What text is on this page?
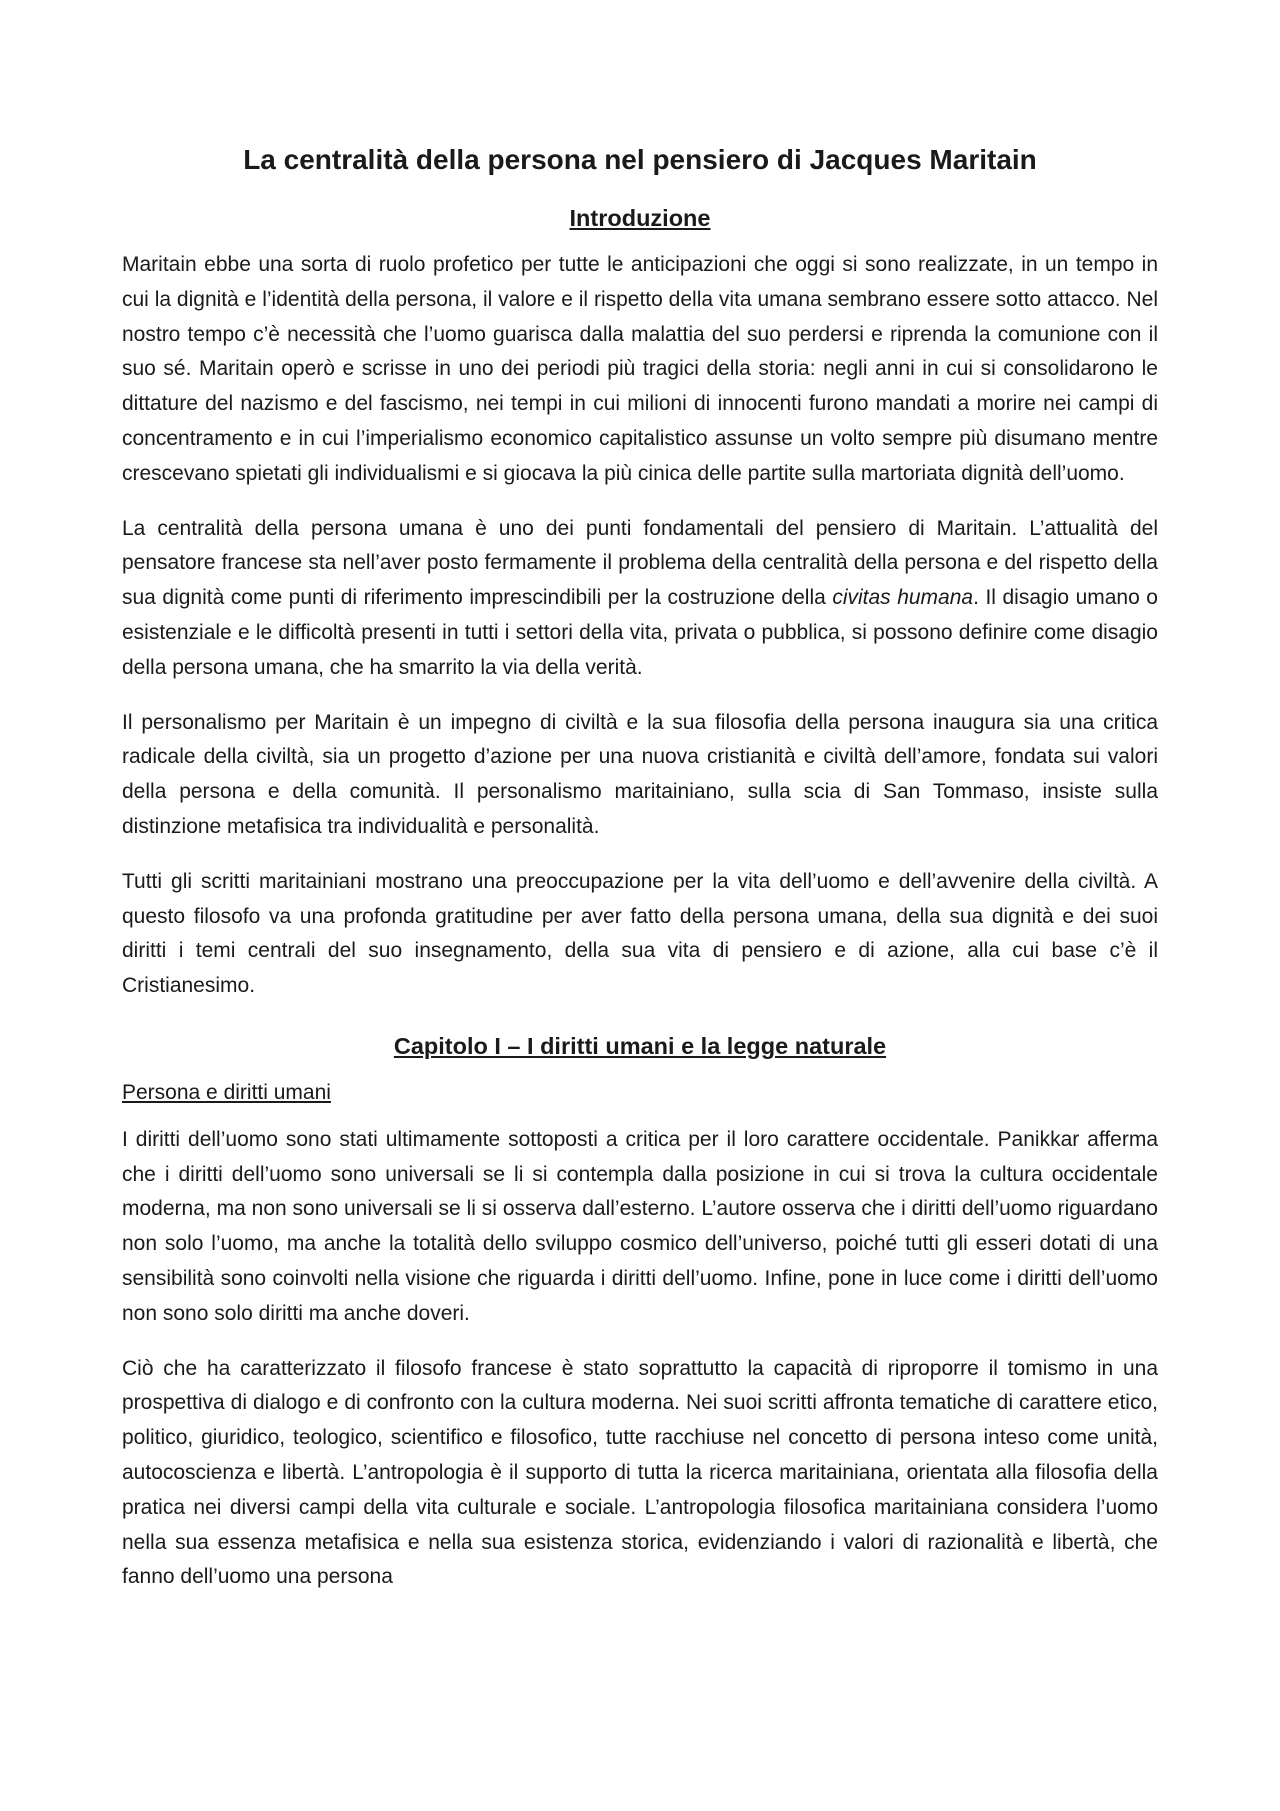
La centralità della persona nel pensiero di Jacques Maritain
Introduzione

Maritain ebbe una sorta di ruolo profetico per tutte le anticipazioni che oggi si sono realizzate, in un tempo in cui la dignità e l’identità della persona, il valore e il rispetto della vita umana sembrano essere sotto attacco. Nel nostro tempo c’è necessità che l’uomo guarisca dalla malattia del suo perdersi e riprenda la comunione con il suo sé. Maritain operò e scrisse in uno dei periodi più tragici della storia: negli anni in cui si consolidarono le dittature del nazismo e del fascismo, nei tempi in cui milioni di innocenti furono mandati a morire nei campi di concentramento e in cui l’imperialismo economico capitalistico assunse un volto sempre più disumano mentre crescevano spietati gli individualismi e si giocava la più cinica delle partite sulla martoriata dignità dell’uomo.

La centralità della persona umana è uno dei punti fondamentali del pensiero di Maritain. L’attualità del pensatore francese sta nell’aver posto fermamente il problema della centralità della persona e del rispetto della sua dignità come punti di riferimento imprescindibili per la costruzione della civitas humana. Il disagio umano o esistenziale e le difficoltà presenti in tutti i settori della vita, privata o pubblica, si possono definire come disagio della persona umana, che ha smarrito la via della verità.

Il personalismo per Maritain è un impegno di civiltà e la sua filosofia della persona inaugura sia una critica radicale della civiltà, sia un progetto d’azione per una nuova cristianità e civiltà dell’amore, fondata sui valori della persona e della comunità. Il personalismo maritainiano, sulla scia di San Tommaso, insiste sulla distinzione metafisica tra individualità e personalità.

Tutti gli scritti maritainiani mostrano una preoccupazione per la vita dell’uomo e dell’avvenire della civiltà. A questo filosofo va una profonda gratitudine per aver fatto della persona umana, della sua dignità e dei suoi diritti i temi centrali del suo insegnamento, della sua vita di pensiero e di azione, alla cui base c’è il Cristianesimo.

Capitolo I – I diritti umani e la legge naturale
Persona e diritti umani

I diritti dell’uomo sono stati ultimamente sottoposti a critica per il loro carattere occidentale. Panikkar afferma che i diritti dell’uomo sono universali se li si contempla dalla posizione in cui si trova la cultura occidentale moderna, ma non sono universali se li si osserva dall’esterno. L’autore osserva che i diritti dell’uomo riguardano non solo l’uomo, ma anche la totalità dello sviluppo cosmico dell’universo, poiché tutti gli esseri dotati di una sensibilità sono coinvolti nella visione che riguarda i diritti dell’uomo. Infine, pone in luce come i diritti dell’uomo non sono solo diritti ma anche doveri.

Ciò che ha caratterizzato il filosofo francese è stato soprattutto la capacità di riproporre il tomismo in una prospettiva di dialogo e di confronto con la cultura moderna. Nei suoi scritti affronta tematiche di carattere etico, politico, giuridico, teologico, scientifico e filosofico, tutte racchiuse nel concetto di persona inteso come unità, autocoscienza e libertà. L’antropologia è il supporto di tutta la ricerca maritainiana, orientata alla filosofia della pratica nei diversi campi della vita culturale e sociale. L’antropologia filosofica maritainiana considera l’uomo nella sua essenza metafisica e nella sua esistenza storica, evidenziando i valori di razionalità e libertà, che fanno dell’uomo una persona
